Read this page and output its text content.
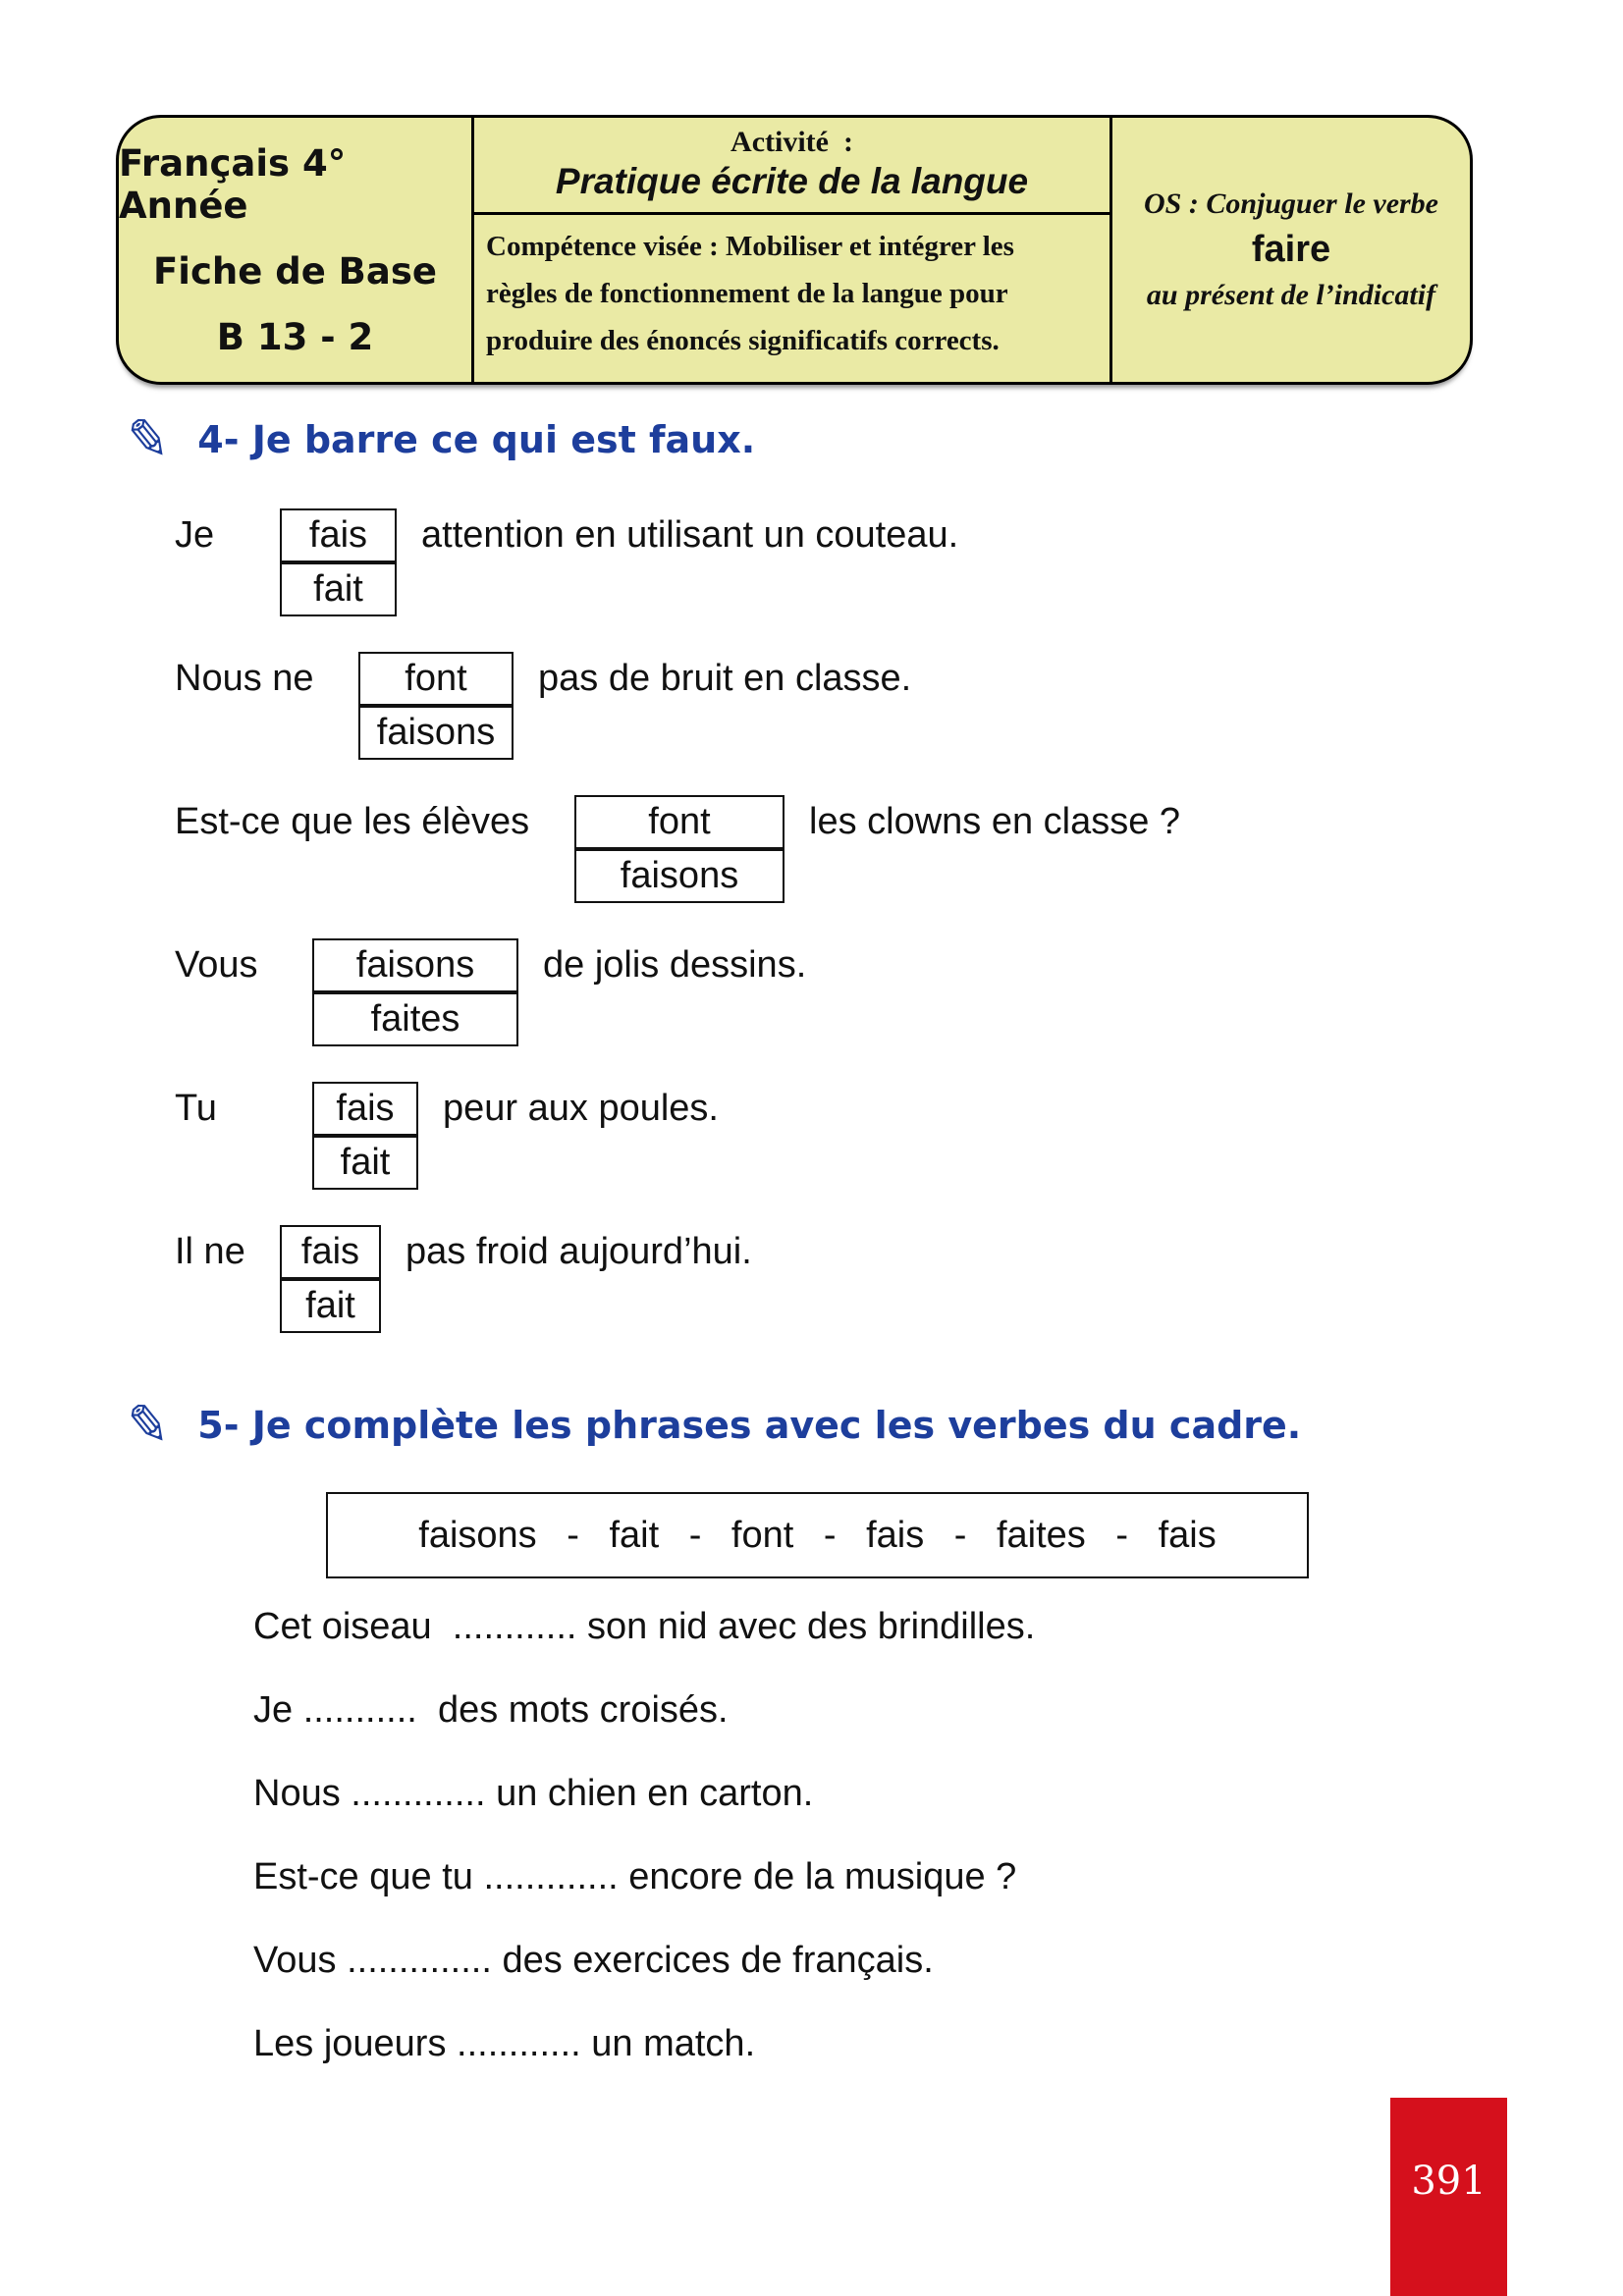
Français 4° Année
Fiche de Base
B 13 - 2
Activité  :
Pratique écrite de la langue
Compétence visée : Mobiliser et intégrer les
règles de fonctionnement de la langue pour
produire des énoncés significatifs corrects.
OS : Conjuguer le verbe
faire
au présent de l’indicatif
✎ 4- Je barre ce qui est faux.
Je	fais
fait
attention en utilisant un couteau.
Nous ne	font
faisons
pas de bruit en classe.
Est-ce que les élèves	font
faisons
les clowns en classe ?
Vous	faisons
faites
de jolis dessins.
Tu	fais
fait
peur aux poules.
Il ne	fais
fait
pas froid aujourd’hui.
✎ 5- Je complète les phrases avec les verbes du cadre.
faisons - fait - font - fais - faites - fais
Cet oiseau  ............ son nid avec des brindilles.
Je ...........  des mots croisés.
Nous ............. un chien en carton.
Est-ce que tu ............. encore de la musique ?
Vous .............. des exercices de français.
Les joueurs ............ un match.
391
